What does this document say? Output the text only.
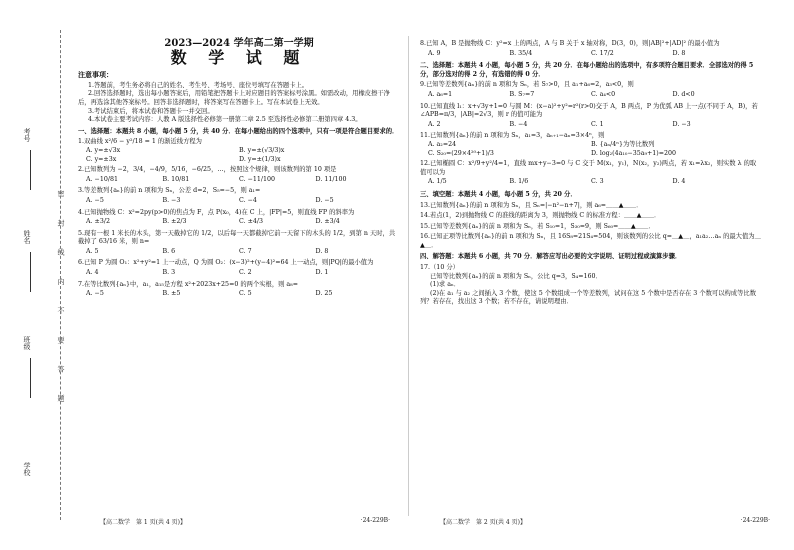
考号
姓名
班级
学校
密 封 线 内 不 要 答 题
2023—2024 学年高二第一学期
数 学 试 题
注意事项：
1.答题前，考生务必将自己的姓名、考生号、考场号、座位号填写在答题卡上。
2.回答选择题时，选出每小题答案后，用铅笔把答题卡上对应题目的答案标号涂黑。如需改动，用橡皮擦干净后，再选涂其他答案标号。回答非选择题时，将答案写在答题卡上。写在本试卷上无效。
3.考试结束后，将本试卷和答题卡一并交回。
4.本试卷主要考试内容：人教 A 版选择性必修第一册第二章 2.5 至选择性必修第二册第四章 4.3。
一、选择题：本题共 8 小题，每小题 5 分，共 40 分．在每小题给出的四个选项中，只有一项是符合题目要求的．
1.双曲线 x²/6 − y²/18 = 1 的渐近线方程为
A. y=±√3x	B. y=±(√3/3)x
C. y=±3x	D. y=±(1/3)x
2.已知数列为 −2，3/4，−4/9，5/16，−6/25，…，按照这个规律，则该数列的第 10 项是
A. −10/81	B. 10/81	C. −11/100	D. 11/100
3.等差数列{aₙ}的前 n 项和为 Sₙ，公差 d=2，S₅=−5，则 a₁=
A. −5	B. −3	C. −4	D. −5
4.已知抛物线 C：x²=2py(p>0)的焦点为 F，点 P(x₀，4)在 C 上，|FP|=5，则直线 FP 的斜率为
A. ±3/2	B. ±2/3	C. ±4/3	D. ±3/4
5.现有一根 1 米长的木头，第一天截掉它的 1/2，以后每一天都截掉它前一天留下的木头的 1/2，到第 n 天时，共截掉了 63/16 米，则 n=
A. 5	B. 6	C. 7	D. 8
6.已知 P 为圆 O₁：x²+y²=1 上一动点，Q 为圆 O₂：(x−3)²+(y−4)²=64 上一动点，则|PQ|的最小值为
A. 4	B. 3	C. 2	D. 1
7.在等比数列{aₙ}中，a₁，a₁₅是方程 x²+2023x+25=0 的两个实根，则 a₈=
A. −5	B. ±5	C. 5	D. 25
8.已知 A，B 是抛物线 C：y²=x 上的两点，A 与 B 关于 x 轴对称，D(3，0)，则|AB|²+|AD|² 的最小值为
A. 9	B. 35/4	C. 17/2	D. 8
二、选择题：本题共 4 小题，每小题 5 分，共 20 分．在每小题给出的选项中，有多项符合题目要求．全部选对的得 5 分，部分选对的得 2 分，有选错的得 0 分．
9.已知等差数列{aₙ}的前 n 项和为 Sₙ，若 S₇>0，且 a₁+a₆=2，a₃<0，则
A. a₆=1	B. S₇=7	C. a₄<0	D. d<0
10.已知直线 l₁：x+√3y+1=0 与圆 M：(x−a)²+y²=r²(r>0)交于 A，B 两点，P 为优弧 AB 上一点(不同于 A，B)，若∠APB=π/3，|AB|=2√3，则 r 的值可能为
A. 2	B. −4	C. 1	D. −3
11.已知数列{aₙ}的前 n 项和为 Sₙ，a₁=3，aₙ₊₁−aₙ=3×4ⁿ，则
A. a₂=24	B. {aₙ/4ⁿ}为等比数列
C. S₂₀=(29×4²⁰+1)/3	D. log₂(4a₁₀−35a₉+1)=200
12.已知椭圆 C：x²/9+y²/4=1，直线 mx+y−3=0 与 C 交于 M(x₁，y₁)，N(x₂，y₂)两点，若 x₁=λx₂，则实数 λ 的取值可以为
A. 1/5	B. 1/6	C. 3	D. 4
三、填空题：本题共 4 小题，每小题 5 分，共 20 分．
13.已知数列{aₙ}的前 n 项和为 Sₙ，且 Sₙ=|−n²−n+7|，则 a₆=＿＿▲＿＿．
14.若点(1，2)到抛物线 C 的准线的距离为 3，则抛物线 C 的标准方程：＿＿▲＿＿．
15.已知等差数列{aₙ}的前 n 项和为 Sₙ，若 S₁₀=1，S₃₀=9，则 S₆₀=＿＿▲＿＿．
16.已知正项等比数列{aₙ}的前 n 项和为 Sₙ，且 16S₈=21S₄=504，则该数列的公比 q=＿▲＿，a₁a₂…aₙ 的最大值为＿▲＿．
四、解答题：本题共 6 小题，共 70 分．解答应写出必要的文字说明、证明过程或演算步骤．
17.（10 分）
已知等比数列{aₙ}的前 n 项和为 Sₙ，公比 q=3，S₄=160．
(1)求 aₙ．
(2)在 a₁ 与 a₂ 之间插入 3 个数，使这 5 个数组成一个等差数列，试问在这 5 个数中是否存在 3 个数可以构成等比数列？若存在，找出这 3 个数；若不存在，请说明理由．
【高二数学　第 1 页(共 4 页)】	·24-229B·	【高二数学　第 2 页(共 4 页)】	·24-229B·
